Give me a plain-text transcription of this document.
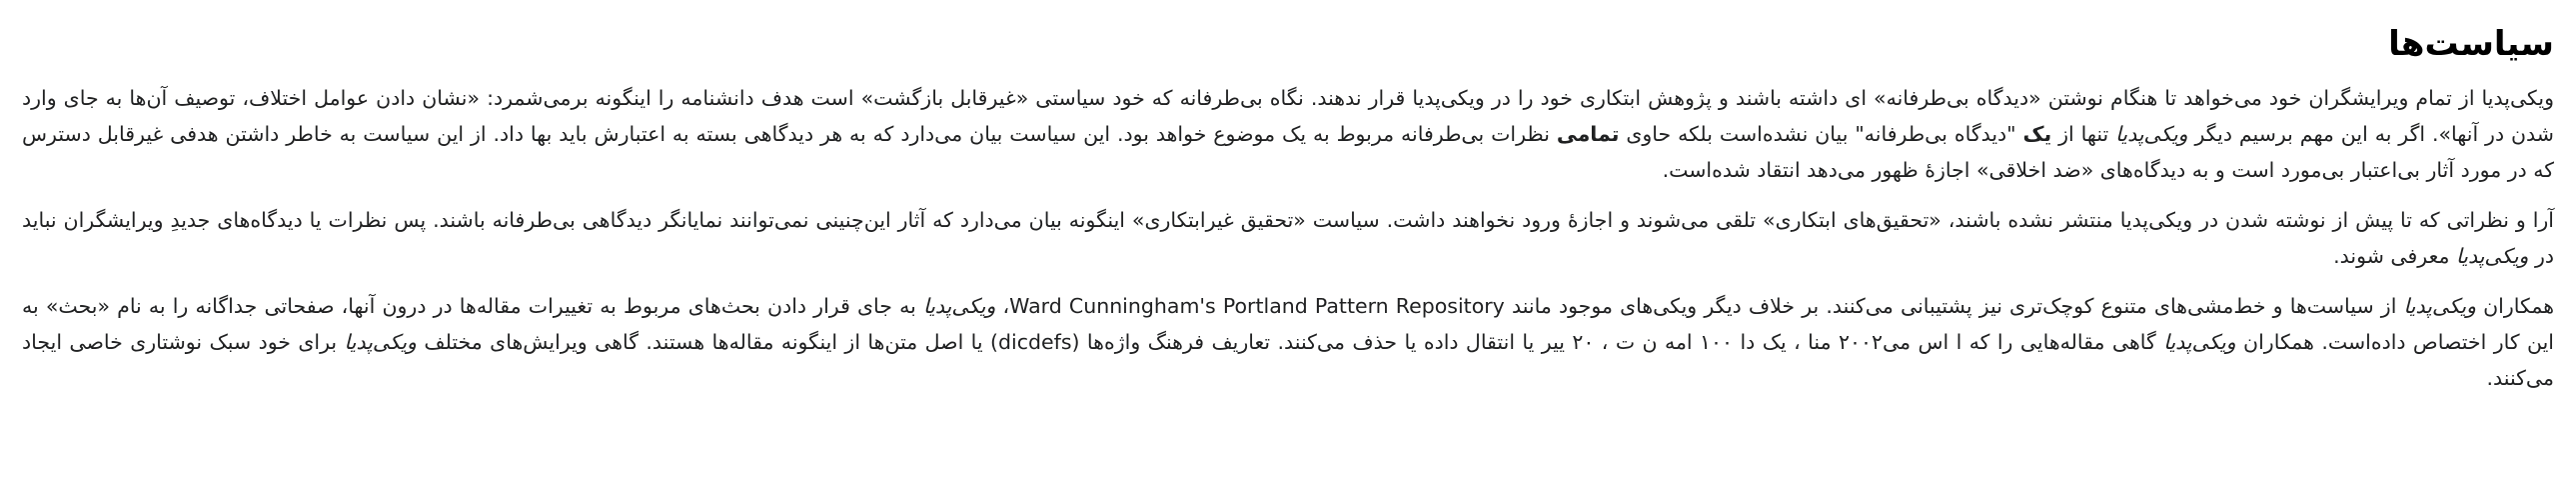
سیاست‌ها

ویکی‌پدیا از تمام ویرایشگران خود می‌خواهد تا هنگام نوشتن «دیدگاه بی‌طرفانه» ای داشته باشند و پژوهش ابتکاری خود را در ویکی‌پدیا قرار ندهند. نگاه بی‌طرفانه که خود سیاستی «غیرقابل بازگشت» است هدف دانشنامه را اینگونه برمی‌شمرد: «نشان دادن عوامل اختلاف، توصیف آن‌ها به جای وارد شدن در آنها». اگر به این مهم برسیم دیگر ویکی‌پدیا تنها از یک "دیدگاه بی‌طرفانه" بیان نشده‌است بلکه حاوی تمامی نظرات بی‌طرفانه مربوط به یک موضوع خواهد بود. این سیاست بیان می‌دارد که به هر دیدگاهی بسته به اعتبارش باید بها داد. از این سیاست به خاطر داشتن هدفی غیرقابل دسترس که در مورد آثار بی‌اعتبار بی‌مورد است و به دیدگاه‌های «ضد اخلاقی» اجازهٔ ظهور می‌دهد انتقاد شده‌است.

آرا و نظراتی که تا پیش از نوشته شدن در ویکی‌پدیا منتشر نشده باشند، «تحقیق‌های ابتکاری» تلقی می‌شوند و اجازهٔ ورود نخواهند داشت. سیاست «تحقیق غیرابتکاری» اینگونه بیان می‌دارد که آثار این‌چنینی نمی‌توانند نمایانگر دیدگاهی بی‌طرفانه باشند. پس نظرات یا دیدگاه‌های جدیدِ ویرایشگران نباید در ویکی‌پدیا معرفی شوند.

همکاران ویکی‌پدیا از سیاست‌ها و خط‌مشی‌های متنوع کوچک‌تری نیز پشتیبانی می‌کنند. بر خلاف دیگر ویکی‌های موجود مانند Ward Cunningham's Portland Pattern Repository، ویکی‌پدیا به جای قرار دادن بحث‌های مربوط به تغییرات مقاله‌ها در درون آنها، صفحاتی جداگانه را به نام «بحث» به این کار اختصاص داده‌است. همکاران ویکی‌پدیا گاهی مقاله‌هایی را که ا اس می۲۰۰۲ منا ، یک دا ۱۰۰ امه ن ت‌ ، ۲۰ ییر یا انتقال داده یا حذف می‌کنند. تعاریف فرهنگ واژه‌ها (dicdefs) یا اصل متن‌ها از اینگونه مقاله‌ها هستند. گاهی ویرایش‌های مختلف ویکی‌پدیا برای خود سبک نوشتاری خاصی ایجاد می‌کنند.
